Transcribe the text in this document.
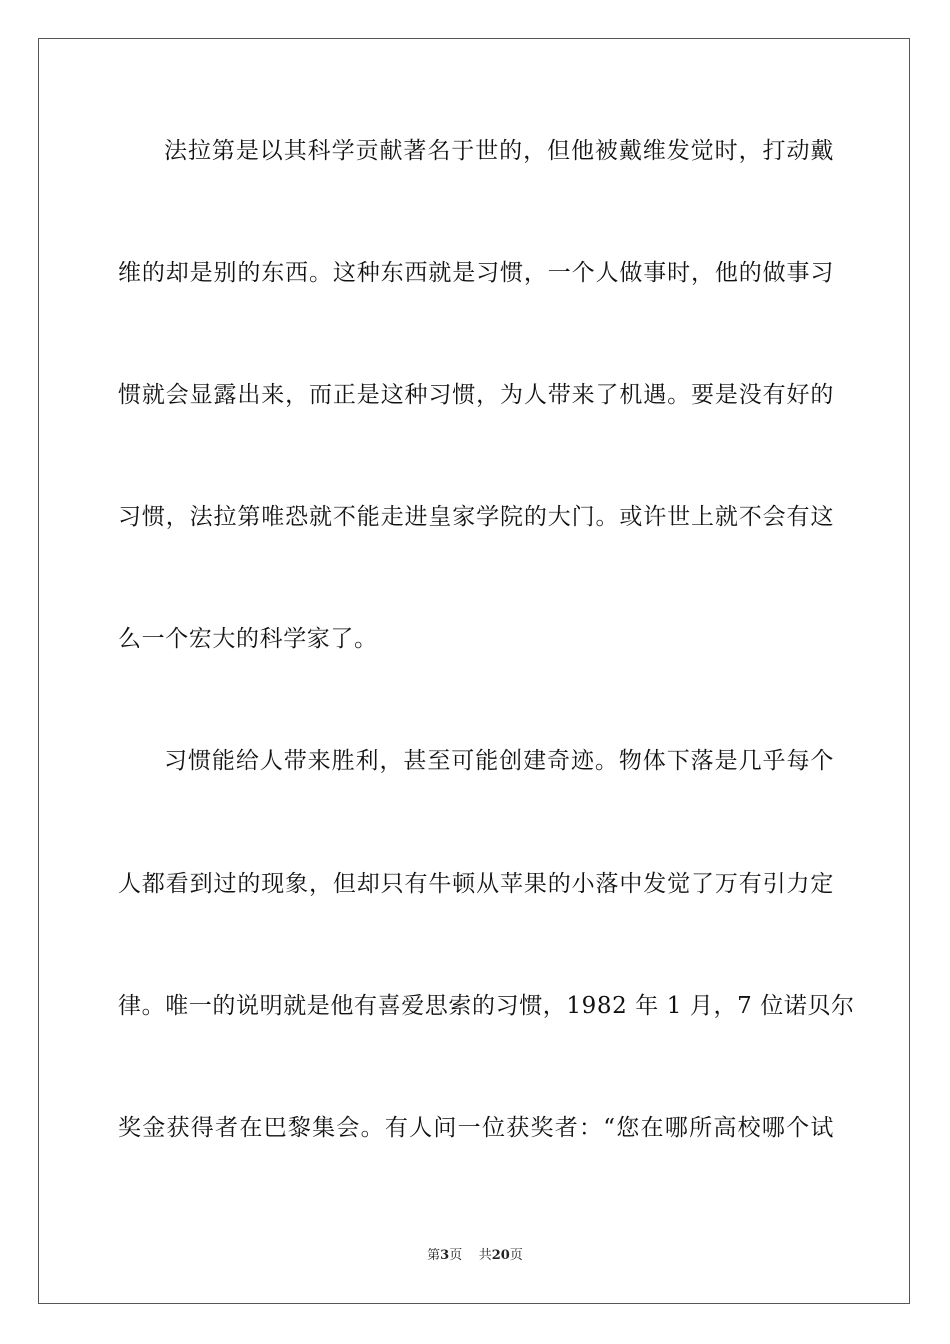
法拉第是以其科学贡献著名于世的，但他被戴维发觉时，打动戴
维的却是别的东西。这种东西就是习惯，一个人做事时，他的做事习
惯就会显露出来，而正是这种习惯，为人带来了机遇。要是没有好的
习惯，法拉第唯恐就不能走进皇家学院的大门。或许世上就不会有这
么一个宏大的科学家了。
习惯能给人带来胜利，甚至可能创建奇迹。物体下落是几乎每个
人都看到过的现象，但却只有牛顿从苹果的小落中发觉了万有引力定
律。唯一的说明就是他有喜爱思索的习惯，1982 年 1 月，7 位诺贝尔
奖金获得者在巴黎集会。有人问一位获奖者：“您在哪所高校哪个试
第3页 共20页
